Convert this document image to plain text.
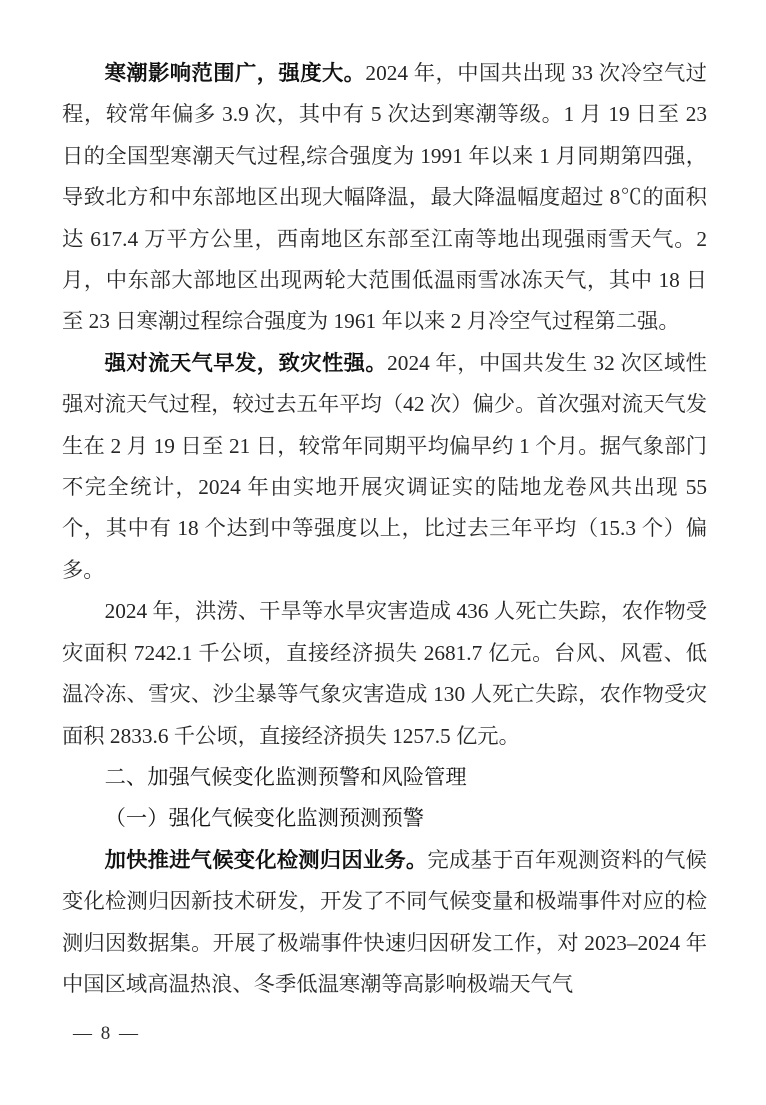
寒潮影响范围广，强度大。2024 年，中国共出现 33 次冷空气过程，较常年偏多 3.9 次，其中有 5 次达到寒潮等级。1 月 19 日至 23 日的全国型寒潮天气过程,综合强度为 1991 年以来 1 月同期第四强，导致北方和中东部地区出现大幅降温，最大降温幅度超过 8℃的面积达 617.4 万平方公里，西南地区东部至江南等地出现强雨雪天气。2 月，中东部大部地区出现两轮大范围低温雨雪冰冻天气，其中 18 日至 23 日寒潮过程综合强度为 1961 年以来 2 月冷空气过程第二强。

强对流天气早发，致灾性强。2024 年，中国共发生 32 次区域性强对流天气过程，较过去五年平均（42 次）偏少。首次强对流天气发生在 2 月 19 日至 21 日，较常年同期平均偏早约 1 个月。据气象部门不完全统计，2024 年由实地开展灾调证实的陆地龙卷风共出现 55 个，其中有 18 个达到中等强度以上，比过去三年平均（15.3 个）偏多。

2024 年，洪涝、干旱等水旱灾害造成 436 人死亡失踪，农作物受灾面积 7242.1 千公顷，直接经济损失 2681.7 亿元。台风、风雹、低温冷冻、雪灾、沙尘暴等气象灾害造成 130 人死亡失踪，农作物受灾面积 2833.6 千公顷，直接经济损失 1257.5 亿元。

二、加强气候变化监测预警和风险管理
（一）强化气候变化监测预测预警

加快推进气候变化检测归因业务。完成基于百年观测资料的气候变化检测归因新技术研发，开发了不同气候变量和极端事件对应的检测归因数据集。开展了极端事件快速归因研发工作，对 2023–2024 年中国区域高温热浪、冬季低温寒潮等高影响极端天气气

— 8 —
